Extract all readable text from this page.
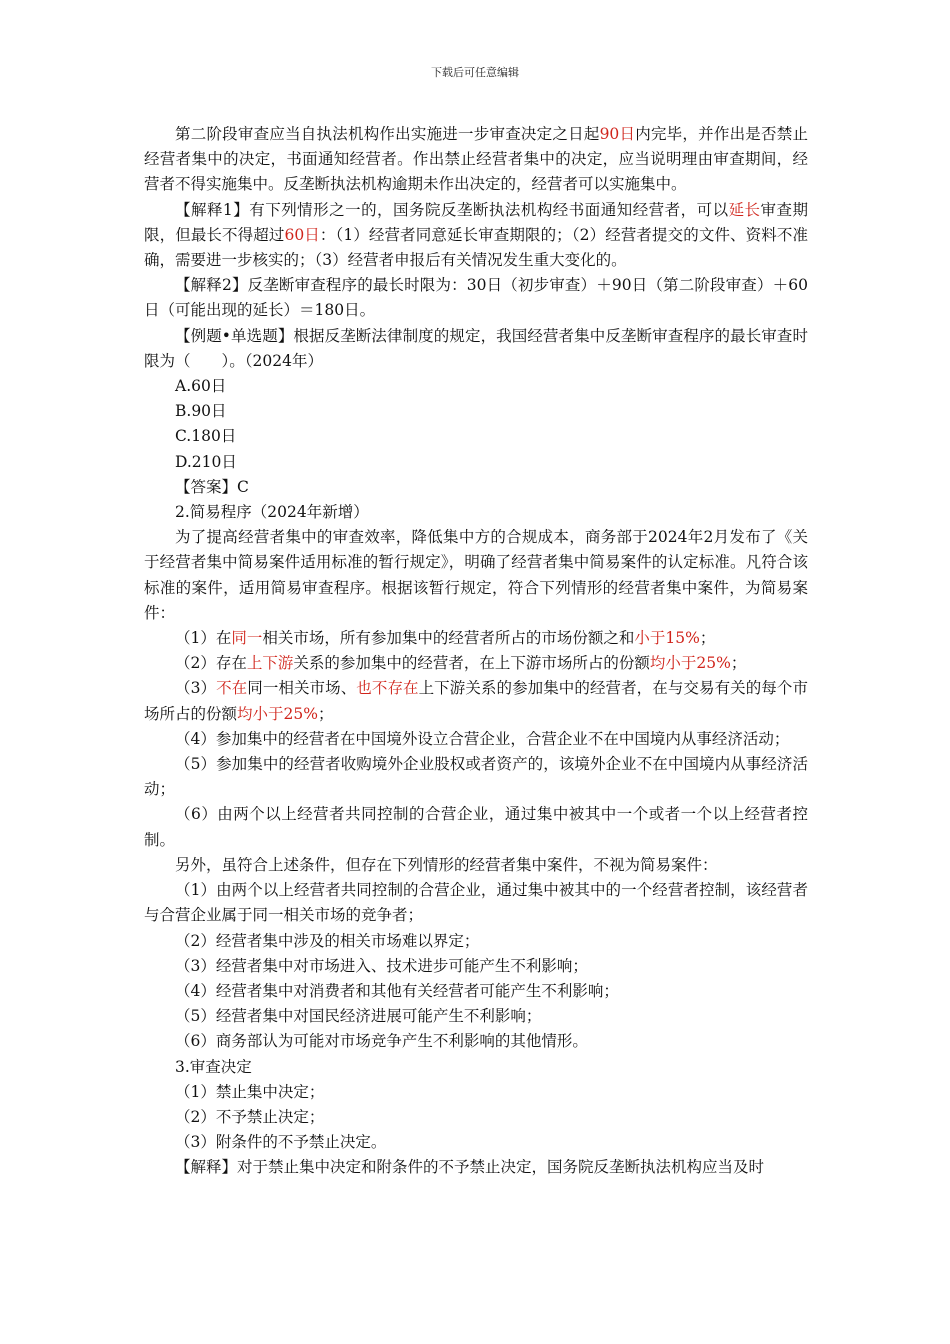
下载后可任意编辑

第二阶段审查应当自执法机构作出实施进一步审查决定之日起90日内完毕，并作出是否禁止经营者集中的决定，书面通知经营者。作出禁止经营者集中的决定，应当说明理由审查期间，经营者不得实施集中。反垄断执法机构逾期未作出决定的，经营者可以实施集中。

【解释1】有下列情形之一的，国务院反垄断执法机构经书面通知经营者，可以延长审查期限，但最长不得超过60日：（1）经营者同意延长审查期限的；（2）经营者提交的文件、资料不准确，需要进一步核实的；（3）经营者申报后有关情况发生重大变化的。

【解释2】反垄断审查程序的最长时限为：30日（初步审查）＋90日（第二阶段审查）＋60日（可能出现的延长）＝180日。

【例题•单选题】根据反垄断法律制度的规定，我国经营者集中反垄断审查程序的最长审查时限为（　　）。（2024年）

A.60日

B.90日

C.180日

D.210日

【答案】C

2.简易程序（2024年新增）

为了提高经营者集中的审查效率，降低集中方的合规成本，商务部于2024年2月发布了《关于经营者集中简易案件适用标准的暂行规定》，明确了经营者集中简易案件的认定标准。凡符合该标准的案件，适用简易审查程序。根据该暂行规定，符合下列情形的经营者集中案件，为简易案件：

（1）在同一相关市场，所有参加集中的经营者所占的市场份额之和小于15%；

（2）存在上下游关系的参加集中的经营者，在上下游市场所占的份额均小于25%；

（3）不在同一相关市场、也不存在上下游关系的参加集中的经营者，在与交易有关的每个市场所占的份额均小于25%；

（4）参加集中的经营者在中国境外设立合营企业，合营企业不在中国境内从事经济活动；

（5）参加集中的经营者收购境外企业股权或者资产的，该境外企业不在中国境内从事经济活动；

（6）由两个以上经营者共同控制的合营企业，通过集中被其中一个或者一个以上经营者控制。

另外，虽符合上述条件，但存在下列情形的经营者集中案件，不视为简易案件：

（1）由两个以上经营者共同控制的合营企业，通过集中被其中的一个经营者控制，该经营者与合营企业属于同一相关市场的竞争者；

（2）经营者集中涉及的相关市场难以界定；

（3）经营者集中对市场进入、技术进步可能产生不利影响；

（4）经营者集中对消费者和其他有关经营者可能产生不利影响；

（5）经营者集中对国民经济进展可能产生不利影响；

（6）商务部认为可能对市场竞争产生不利影响的其他情形。

3.审查决定

（1）禁止集中决定；

（2）不予禁止决定；

（3）附条件的不予禁止决定。

【解释】对于禁止集中决定和附条件的不予禁止决定，国务院反垄断执法机构应当及时
